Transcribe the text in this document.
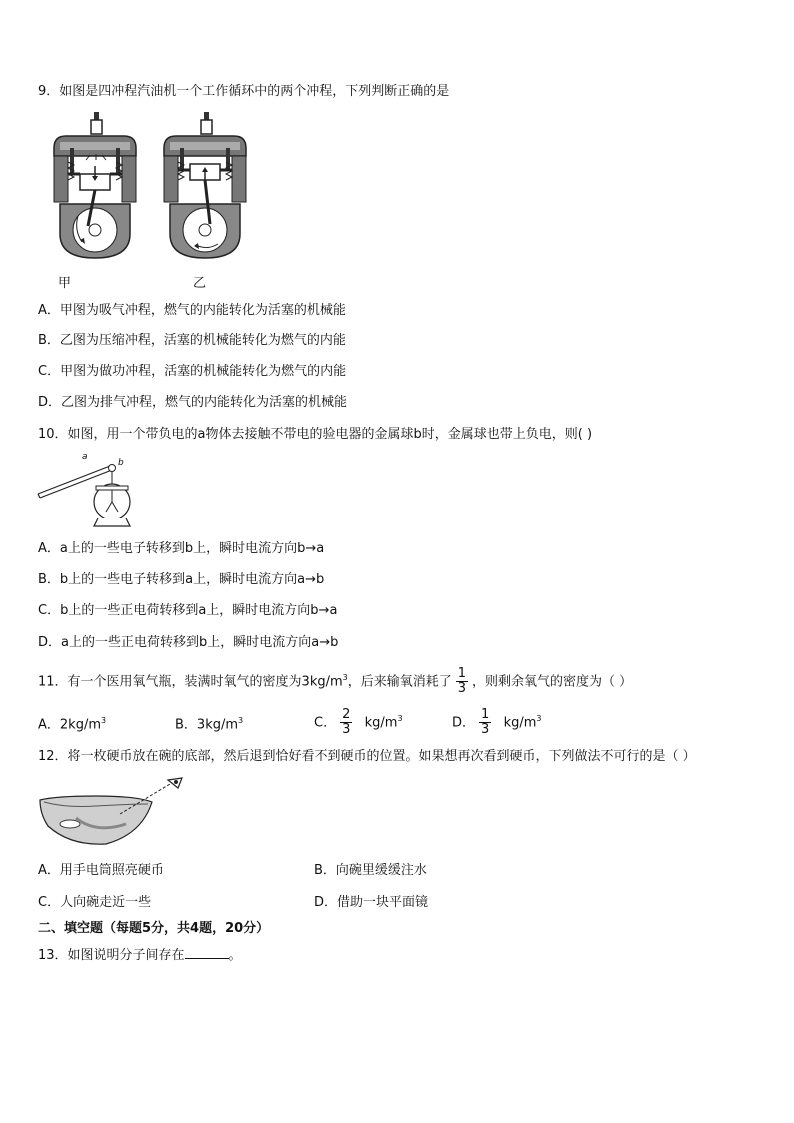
9．如图是四冲程汽油机一个工作循环中的两个冲程，下列判断正确的是
甲	乙
A．甲图为吸气冲程，燃气的内能转化为活塞的机械能
B．乙图为压缩冲程，活塞的机械能转化为燃气的内能
C．甲图为做功冲程，活塞的机械能转化为燃气的内能
D．乙图为排气冲程，燃气的内能转化为活塞的机械能
10．如图，用一个带负电的a物体去接触不带电的验电器的金属球b时，金属球也带上负电，则( )
a
b
A．a上的一些电子转移到b上，瞬时电流方向b→a
B．b上的一些电子转移到a上，瞬时电流方向a→b
C．b上的一些正电荷转移到a上，瞬时电流方向b→a
D．a上的一些正电荷转移到b上，瞬时电流方向a→b
11．有一个医用氧气瓶，装满时氧气的密度为$3kg/m^3$，后来输氧消耗了 $\frac{1}{3}$ ，则剩余氧气的密度为（ ）
A．$2kg/m^3$	B．$3kg/m^3$	C． $\frac{2}{3} kg/m^3$	D． $\frac{1}{3} kg/m^3$
12．将一枚硬币放在碗的底部，然后退到恰好看不到硬币的位置。如果想再次看到硬币，下列做法不可行的是（ ）
A．用手电筒照亮硬币	B．向碗里缓缓注水
C．人向碗走近一些	D．借助一块平面镜
二、填空题（每题5分，共4题，20分）
13．如图说明分子间存在	。
